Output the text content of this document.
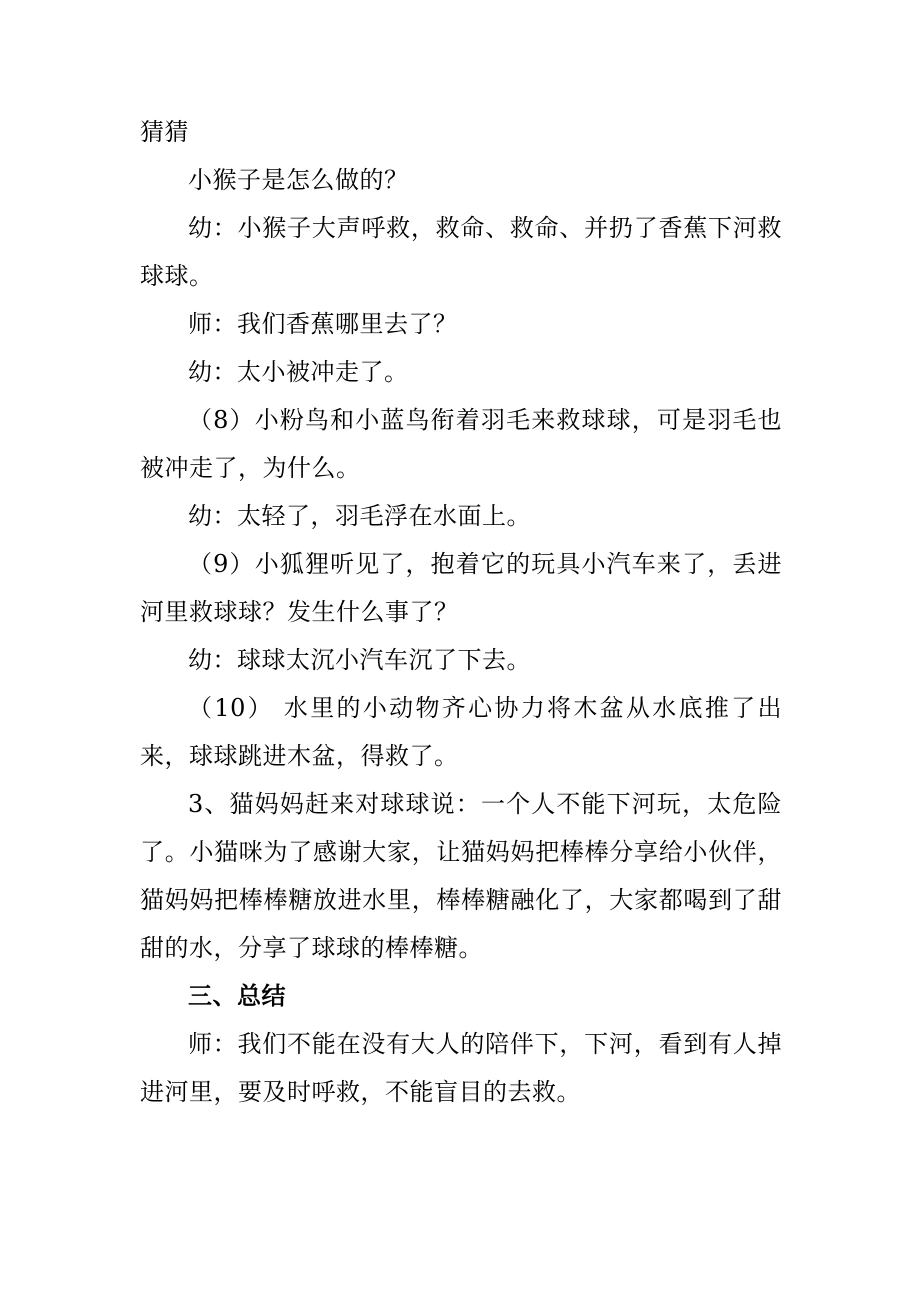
猜猜

小猴子是怎么做的？

幼：小猴子大声呼救，救命、救命、并扔了香蕉下河救球球。

师：我们香蕉哪里去了？

幼：太小被冲走了。

（8）小粉鸟和小蓝鸟衔着羽毛来救球球，可是羽毛也被冲走了，为什么。

幼：太轻了，羽毛浮在水面上。

（9）小狐狸听见了，抱着它的玩具小汽车来了，丢进河里救球球？发生什么事了？

幼：球球太沉小汽车沉了下去。

（10） 水里的小动物齐心协力将木盆从水底推了出来，球球跳进木盆，得救了。

3、猫妈妈赶来对球球说：一个人不能下河玩，太危险了。小猫咪为了感谢大家，让猫妈妈把棒棒分享给小伙伴，猫妈妈把棒棒糖放进水里，棒棒糖融化了，大家都喝到了甜甜的水，分享了球球的棒棒糖。

三、总结

师：我们不能在没有大人的陪伴下，下河，看到有人掉进河里，要及时呼救，不能盲目的去救。
